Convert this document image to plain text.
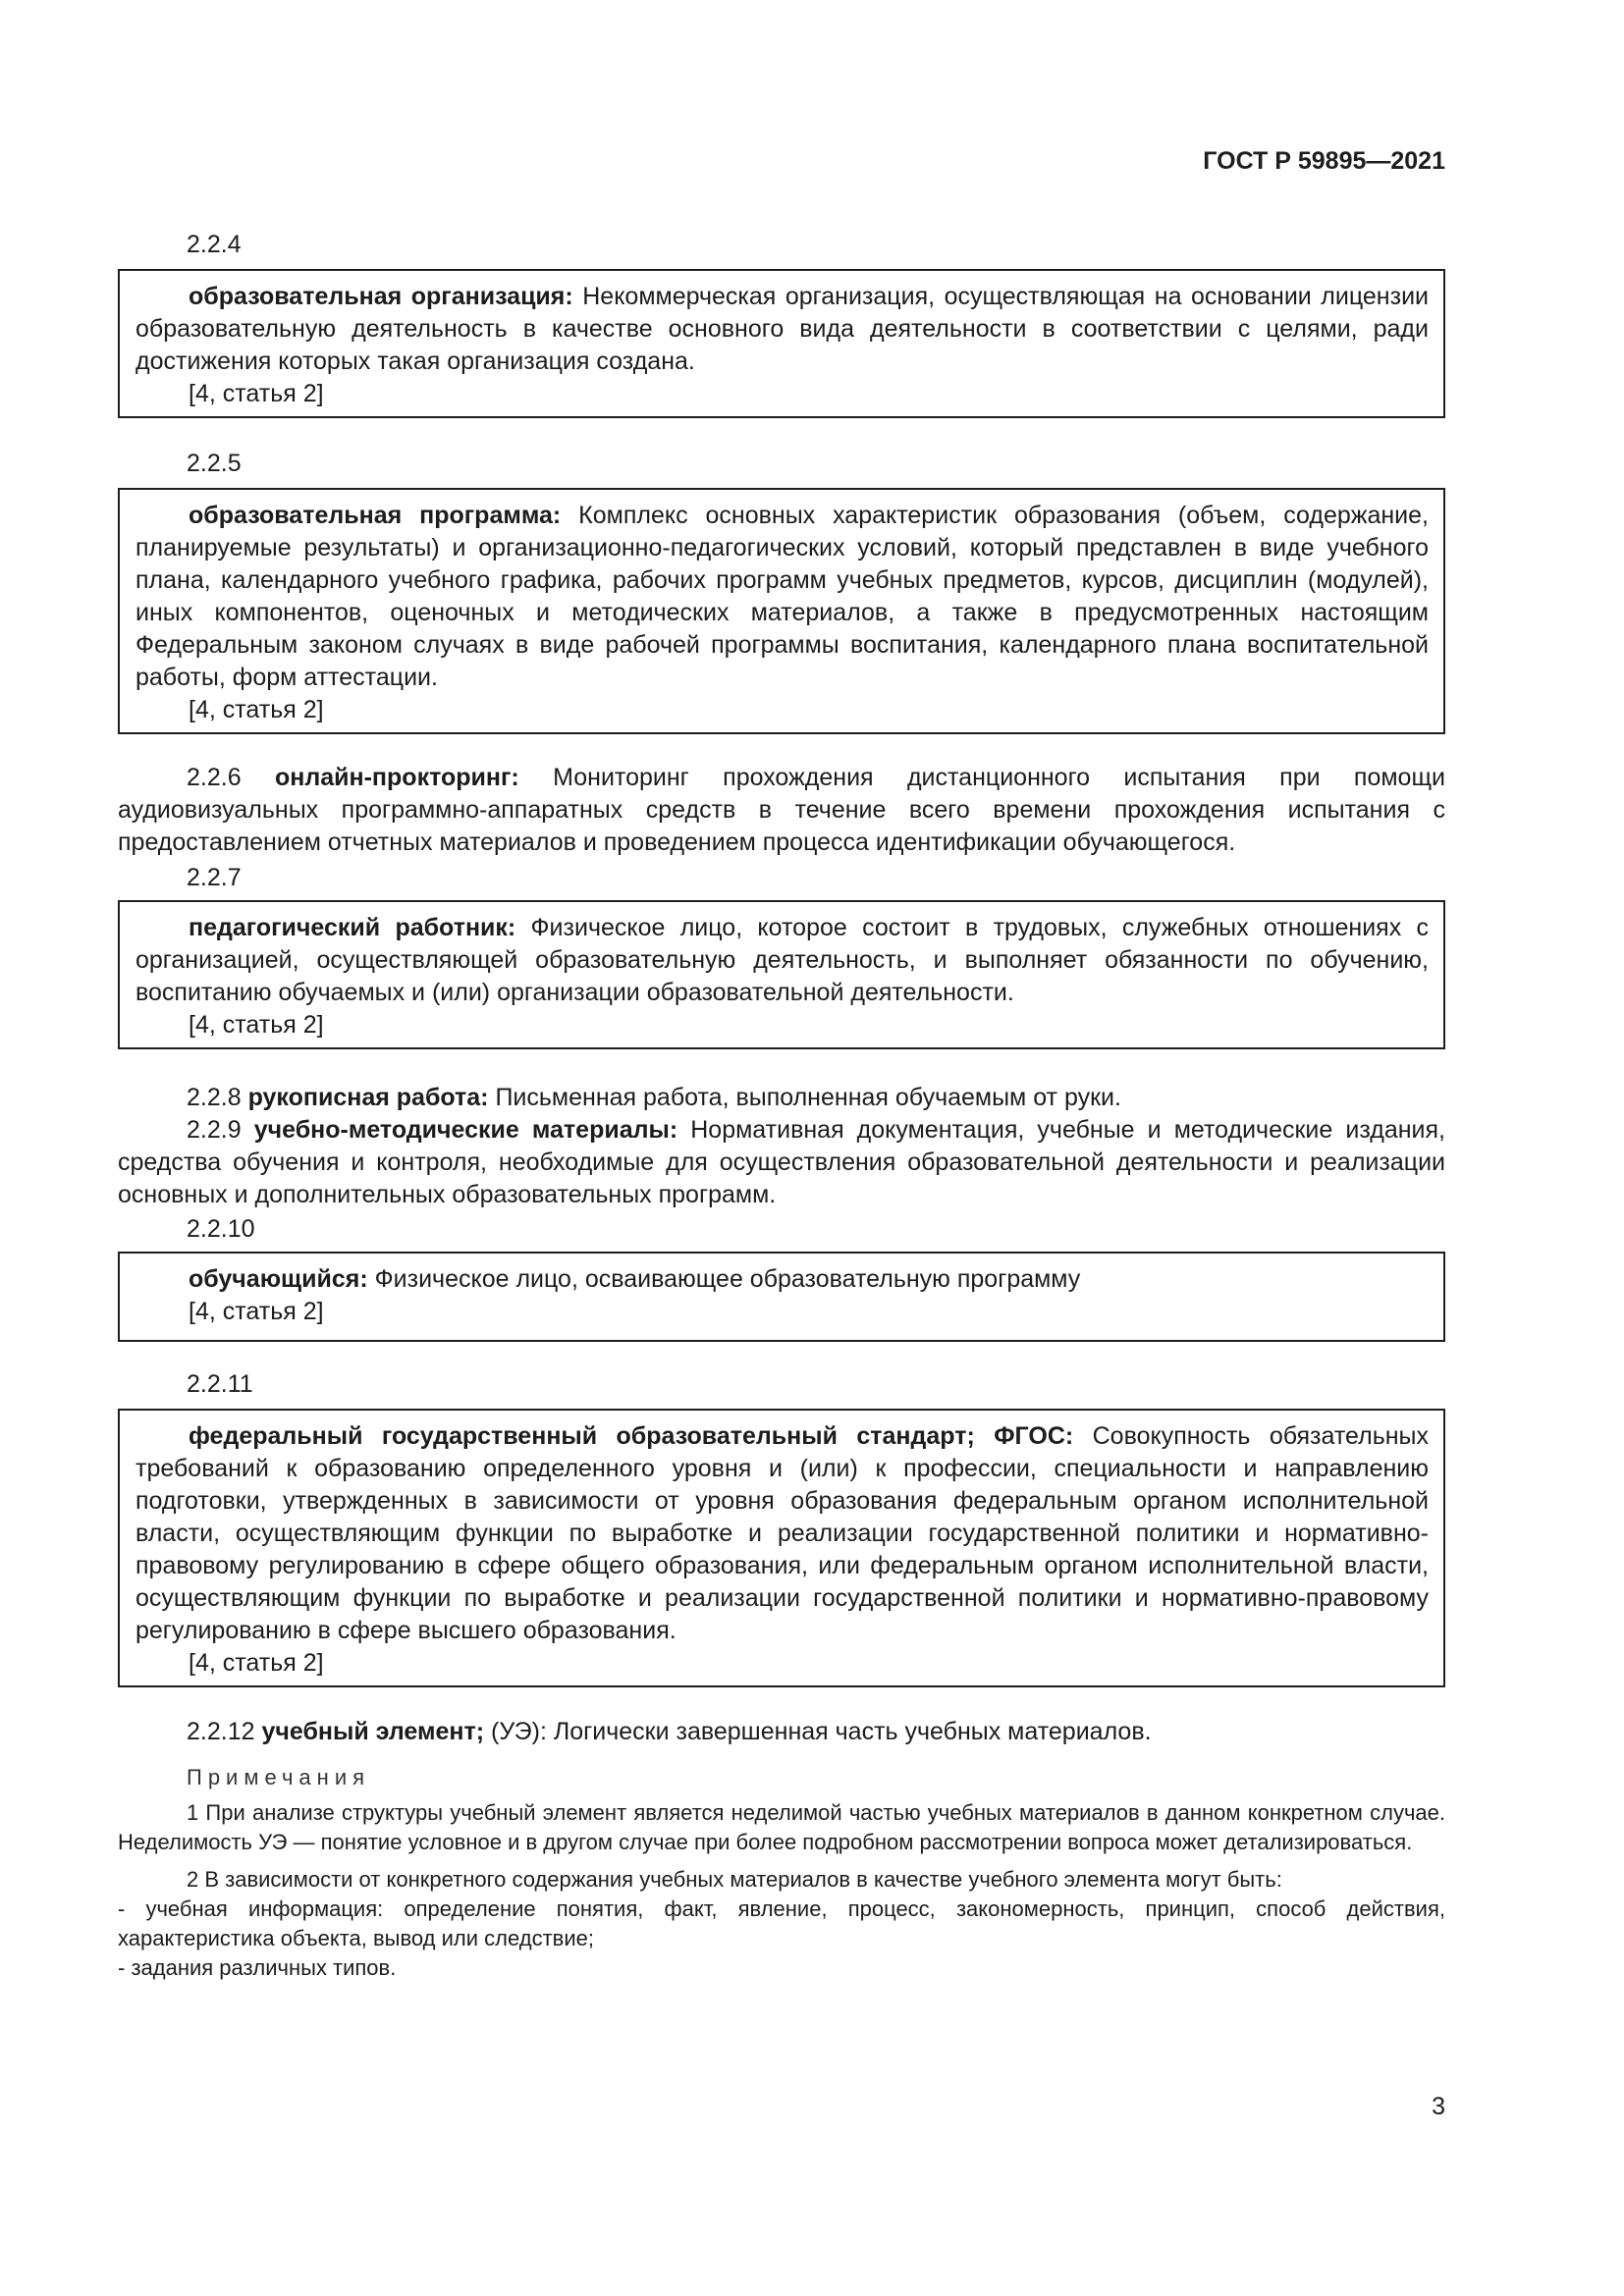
ГОСТ Р 59895—2021
2.2.4
образовательная организация: Некоммерческая организация, осуществляющая на основании лицензии образовательную деятельность в качестве основного вида деятельности в соответствии с целями, ради достижения которых такая организация создана.
[4, статья 2]
2.2.5
образовательная программа: Комплекс основных характеристик образования (объем, содержание, планируемые результаты) и организационно-педагогических условий, который представлен в виде учебного плана, календарного учебного графика, рабочих программ учебных предметов, курсов, дисциплин (модулей), иных компонентов, оценочных и методических материалов, а также в предусмотренных настоящим Федеральным законом случаях в виде рабочей программы воспитания, календарного плана воспитательной работы, форм аттестации.
[4, статья 2]

2.2.6 онлайн-прокторинг: Мониторинг прохождения дистанционного испытания при помощи аудиовизуальных программно-аппаратных средств в течение всего времени прохождения испытания с предоставлением отчетных материалов и проведением процесса идентификации обучающегося.

2.2.7
педагогический работник: Физическое лицо, которое состоит в трудовых, служебных отношениях с организацией, осуществляющей образовательную деятельность, и выполняет обязанности по обучению, воспитанию обучаемых и (или) организации образовательной деятельности.
[4, статья 2]

2.2.8 рукописная работа: Письменная работа, выполненная обучаемым от руки.

2.2.9 учебно-методические материалы: Нормативная документация, учебные и методические издания, средства обучения и контроля, необходимые для осуществления образовательной деятельности и реализации основных и дополнительных образовательных программ.

2.2.10
обучающийся: Физическое лицо, осваивающее образовательную программу
[4, статья 2]
2.2.11
федеральный государственный образовательный стандарт; ФГОС: Совокупность обязательных требований к образованию определенного уровня и (или) к профессии, специальности и направлению подготовки, утвержденных в зависимости от уровня образования федеральным органом исполнительной власти, осуществляющим функции по выработке и реализации государственной политики и нормативно-правовому регулированию в сфере общего образования, или федеральным органом исполнительной власти, осуществляющим функции по выработке и реализации государственной политики и нормативно-правовому регулированию в сфере высшего образования.
[4, статья 2]

2.2.12 учебный элемент; (УЭ): Логически завершенная часть учебных материалов.

Примечания

1 При анализе структуры учебный элемент является неделимой частью учебных материалов в данном конкретном случае. Неделимость УЭ — понятие условное и в другом случае при более подробном рассмотрении вопроса может детализироваться.

2 В зависимости от конкретного содержания учебных материалов в качестве учебного элемента могут быть:

- учебная информация: определение понятия, факт, явление, процесс, закономерность, принцип, способ действия, характеристика объекта, вывод или следствие;

- задания различных типов.

3
